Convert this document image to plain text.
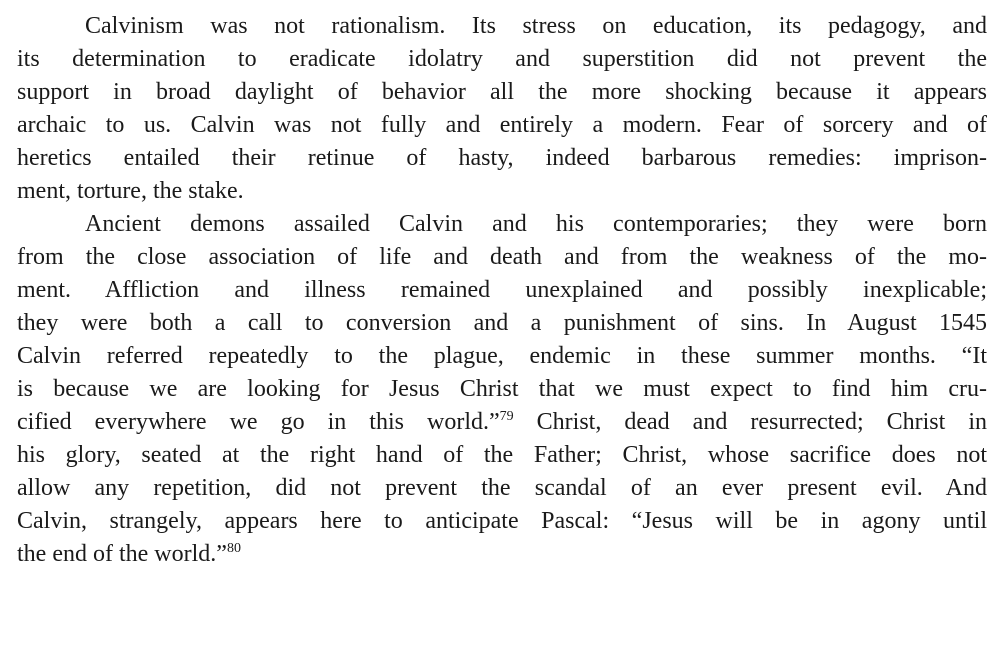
Calvinism was not rationalism. Its stress on education, its pedagogy, and
its determination to eradicate idolatry and superstition did not prevent the
support in broad daylight of behavior all the more shocking because it appears
archaic to us. Calvin was not fully and entirely a modern. Fear of sorcery and of
heretics entailed their retinue of hasty, indeed barbarous remedies: imprison-
ment, torture, the stake.
Ancient demons assailed Calvin and his contemporaries; they were born
from the close association of life and death and from the weakness of the mo-
ment. Affliction and illness remained unexplained and possibly inexplicable;
they were both a call to conversion and a punishment of sins. In August 1545
Calvin referred repeatedly to the plague, endemic in these summer months. “It
is because we are looking for Jesus Christ that we must expect to find him cru-
cified everywhere we go in this world.”$^{79}$ Christ, dead and resurrected; Christ in
his glory, seated at the right hand of the Father; Christ, whose sacrifice does not
allow any repetition, did not prevent the scandal of an ever present evil. And
Calvin, strangely, appears here to anticipate Pascal: “Jesus will be in agony until
the end of the world.”$^{80}$
